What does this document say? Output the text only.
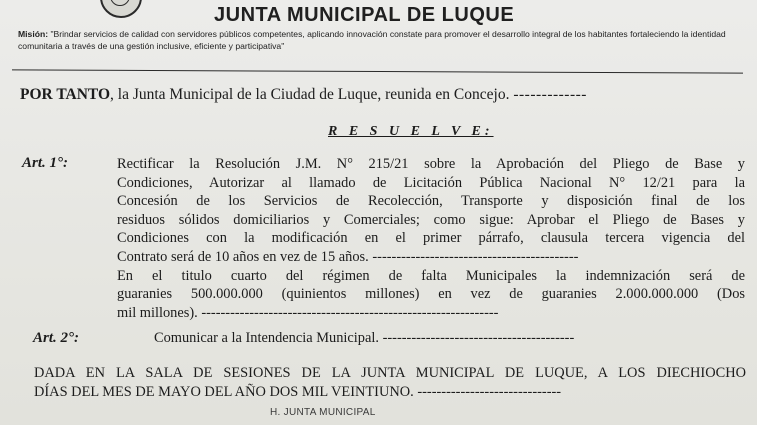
JUNTA MUNICIPAL DE LUQUE
Misión: "Brindar servicios de calidad con servidores públicos competentes, aplicando innovación constate para promover el desarrollo integral de los habitantes fortaleciendo la identidad comunitaria a través de una gestión inclusive, eficiente y participativa"
POR TANTO, la Junta Municipal de la Ciudad de Luque, reunida en Concejo. -------------
R E S U E L V E:
Art. 1°:	Rectificar la Resolución J.M. N° 215/21 sobre la Aprobación del Pliego de Base y
Condiciones, Autorizar al llamado de Licitación Pública Nacional N° 12/21 para la
Concesión de los Servicios de Recolección, Transporte y disposición final de los
residuos sólidos domiciliarios y Comerciales; como sigue: Aprobar el Pliego de Bases y
Condiciones con la modificación en el primer párrafo, clausula tercera vigencia del
Contrato será de 10 años en vez de 15 años. -------------------------------------------
En el titulo cuarto del régimen de falta Municipales la indemnización será de
guaranies 500.000.000 (quinientos millones) en vez de guaranies 2.000.000.000 (Dos
mil millones). --------------------------------------------------------------
Art. 2°:	Comunicar a la Intendencia Municipal. ----------------------------------------
DADA EN LA SALA DE SESIONES DE LA JUNTA MUNICIPAL DE LUQUE, A LOS DIECHIOCHO
DÍAS DEL MES DE MAYO DEL AÑO DOS MIL VEINTIUNO. ------------------------------
H. JUNTA MUNICIPAL
